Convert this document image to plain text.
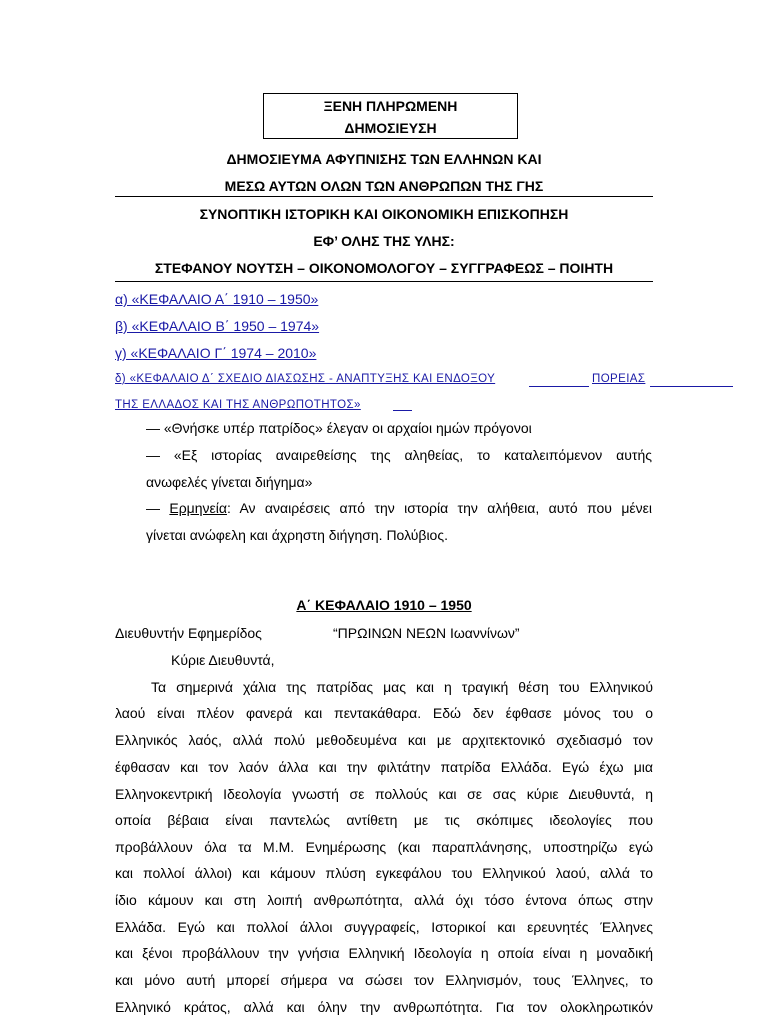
ΞΕΝΗ ΠΛΗΡΩΜΕΝΗ
ΔΗΜΟΣΙΕΥΣΗ
ΔΗΜΟΣΙΕΥΜΑ ΑΦΥΠΝΙΣΗΣ ΤΩΝ ΕΛΛΗΝΩΝ ΚΑΙ
ΜΕΣΩ ΑΥΤΩΝ ΟΛΩΝ ΤΩΝ ΑΝΘΡΩΠΩΝ ΤΗΣ ΓΗΣ
ΣΥΝΟΠΤΙΚΗ ΙΣΤΟΡΙΚΗ ΚΑΙ ΟΙΚΟΝΟΜΙΚΗ ΕΠΙΣΚΟΠΗΣΗ
ΕΦ’ ΟΛΗΣ ΤΗΣ ΥΛΗΣ:
ΣΤΕΦΑΝΟΥ ΝΟΥΤΣΗ – ΟΙΚΟΝΟΜΟΛΟΓΟΥ – ΣΥΓΓΡΑΦΕΩΣ – ΠΟΙΗΤΗ
α) «ΚΕΦΑΛΑΙΟ Α΄ 1910 – 1950»
β) «ΚΕΦΑΛΑΙΟ Β΄ 1950 – 1974»
γ) «ΚΕΦΑΛΑΙΟ Γ΄ 1974 – 2010»
δ) «ΚΕΦΑΛΑΙΟ Δ΄ ΣΧΕΔΙΟ ΔΙΑΣΩΣΗΣ - ΑΝΑΠΤΥΞΗΣ ΚΑΙ ΕΝΔΟΞΟΥ	ΠΟΡΕΙΑΣ
ΤΗΣ ΕΛΛΑΔΟΣ ΚΑΙ ΤΗΣ ΑΝΘΡΩΠΟΤΗΤΟΣ»
— «Θνήσκε υπέρ πατρίδος» έλεγαν οι αρχαίοι ημών πρόγονοι
— «Εξ ιστορίας αναιρεθείσης της αληθείας, το καταλειπόμενον αυτής
ανωφελές γίνεται διήγημα»
— Ερμηνεία: Αν αναιρέσεις από την ιστορία την αλήθεια, αυτό που μένει
γίνεται ανώφελη και άχρηστη διήγηση. Πολύβιος.
Α΄ ΚΕΦΑΛΑΙΟ 1910 – 1950
Διευθυντήν Εφημερίδος	“ΠΡΩΙΝΩΝ ΝΕΩΝ Ιωαννίνων”
Κύριε Διευθυντά,
Τα σημερινά χάλια της πατρίδας μας και η τραγική θέση του Ελληνικού
λαού είναι πλέον φανερά και πεντακάθαρα. Εδώ δεν έφθασε μόνος του ο
Ελληνικός λαός, αλλά πολύ μεθοδευμένα και με αρχιτεκτονικό σχεδιασμό τον
έφθασαν και τον λαόν άλλα και την φιλτάτην πατρίδα Ελλάδα. Εγώ έχω μια
Ελληνοκεντρική Ιδεολογία γνωστή σε πολλούς και σε σας κύριε Διευθυντά, η
οποία βέβαια είναι παντελώς αντίθετη με τις σκόπιμες ιδεολογίες που
προβάλλουν όλα τα Μ.Μ. Ενημέρωσης (και παραπλάνησης, υποστηρίζω εγώ
και πολλοί άλλοι) και κάμουν πλύση εγκεφάλου του Ελληνικού λαού, αλλά το
ίδιο κάμουν και στη λοιπή ανθρωπότητα, αλλά όχι τόσο έντονα όπως στην
Ελλάδα. Εγώ και πολλοί άλλοι συγγραφείς, Ιστορικοί και ερευνητές Έλληνες
και ξένοι προβάλλουν την γνήσια Ελληνική Ιδεολογία η οποία είναι η μοναδική
και μόνο αυτή μπορεί σήμερα να σώσει τον Ελληνισμόν, τους Έλληνες, το
Ελληνικό κράτος, αλλά και όλην την ανθρωπότητα. Για τον ολοκληρωτικόν
